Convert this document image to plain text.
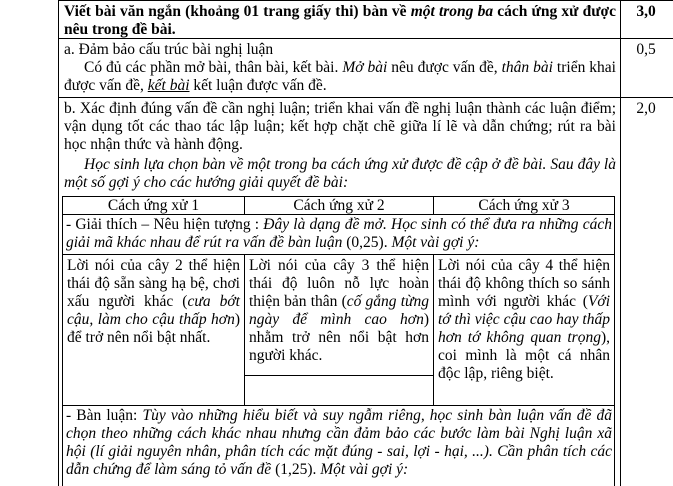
Viết bài văn ngắn (khoảng 01 trang giấy thi) bàn về một trong ba cách ứng xử được nêu trong đề bài.
3,0
a. Đảm bảo cấu trúc bài nghị luận
Có đủ các phần mở bài, thân bài, kết bài. Mở bài nêu được vấn đề, thân bài triển khai được vấn đề, kết bài kết luận được vấn đề.
0,5
b. Xác định đúng vấn đề cần nghị luận; triển khai vấn đề nghị luận thành các luận điểm; vận dụng tốt các thao tác lập luận; kết hợp chặt chẽ giữa lí lẽ và dẫn chứng; rút ra bài học nhận thức và hành động.
Học sinh lựa chọn bàn về một trong ba cách ứng xử được đề cập ở đề bài. Sau đây là một số gợi ý cho các hướng giải quyết đề bài:
2,0
Cách ứng xử 1	Cách ứng xử 2	Cách ứng xử 3
- Giải thích – Nêu hiện tượng : Đây là dạng đề mở. Học sinh có thể đưa ra những cách giải mã khác nhau để rút ra vấn đề bàn luận (0,25). Một vài gợi ý:
Lời nói của cây 2 thể hiện thái độ sẵn sàng hạ bệ, chơi xấu người khác (cưa bớt cậu, làm cho cậu thấp hơn) để trở nên nổi bật nhất.
Lời nói của cây 3 thể hiện thái độ luôn nỗ lực hoàn thiện bản thân (cố gắng từng ngày để mình cao hơn) nhằm trở nên nổi bật hơn người khác.
Lời nói của cây 4 thể hiện thái độ không thích so sánh mình với người khác (Với tớ thì việc cậu cao hay thấp hơn tớ không quan trọng), coi mình là một cá nhân độc lập, riêng biệt.
- Bàn luận: Tùy vào những hiểu biết và suy ngẫm riêng, học sinh bàn luận vấn đề đã chọn theo những cách khác nhau nhưng cần đảm bảo các bước làm bài Nghị luận xã hội (lí giải nguyên nhân, phân tích các mặt đúng - sai, lợi - hại, ...). Cần phân tích các dẫn chứng để làm sáng tỏ vấn đề (1,25). Một vài gợi ý:
